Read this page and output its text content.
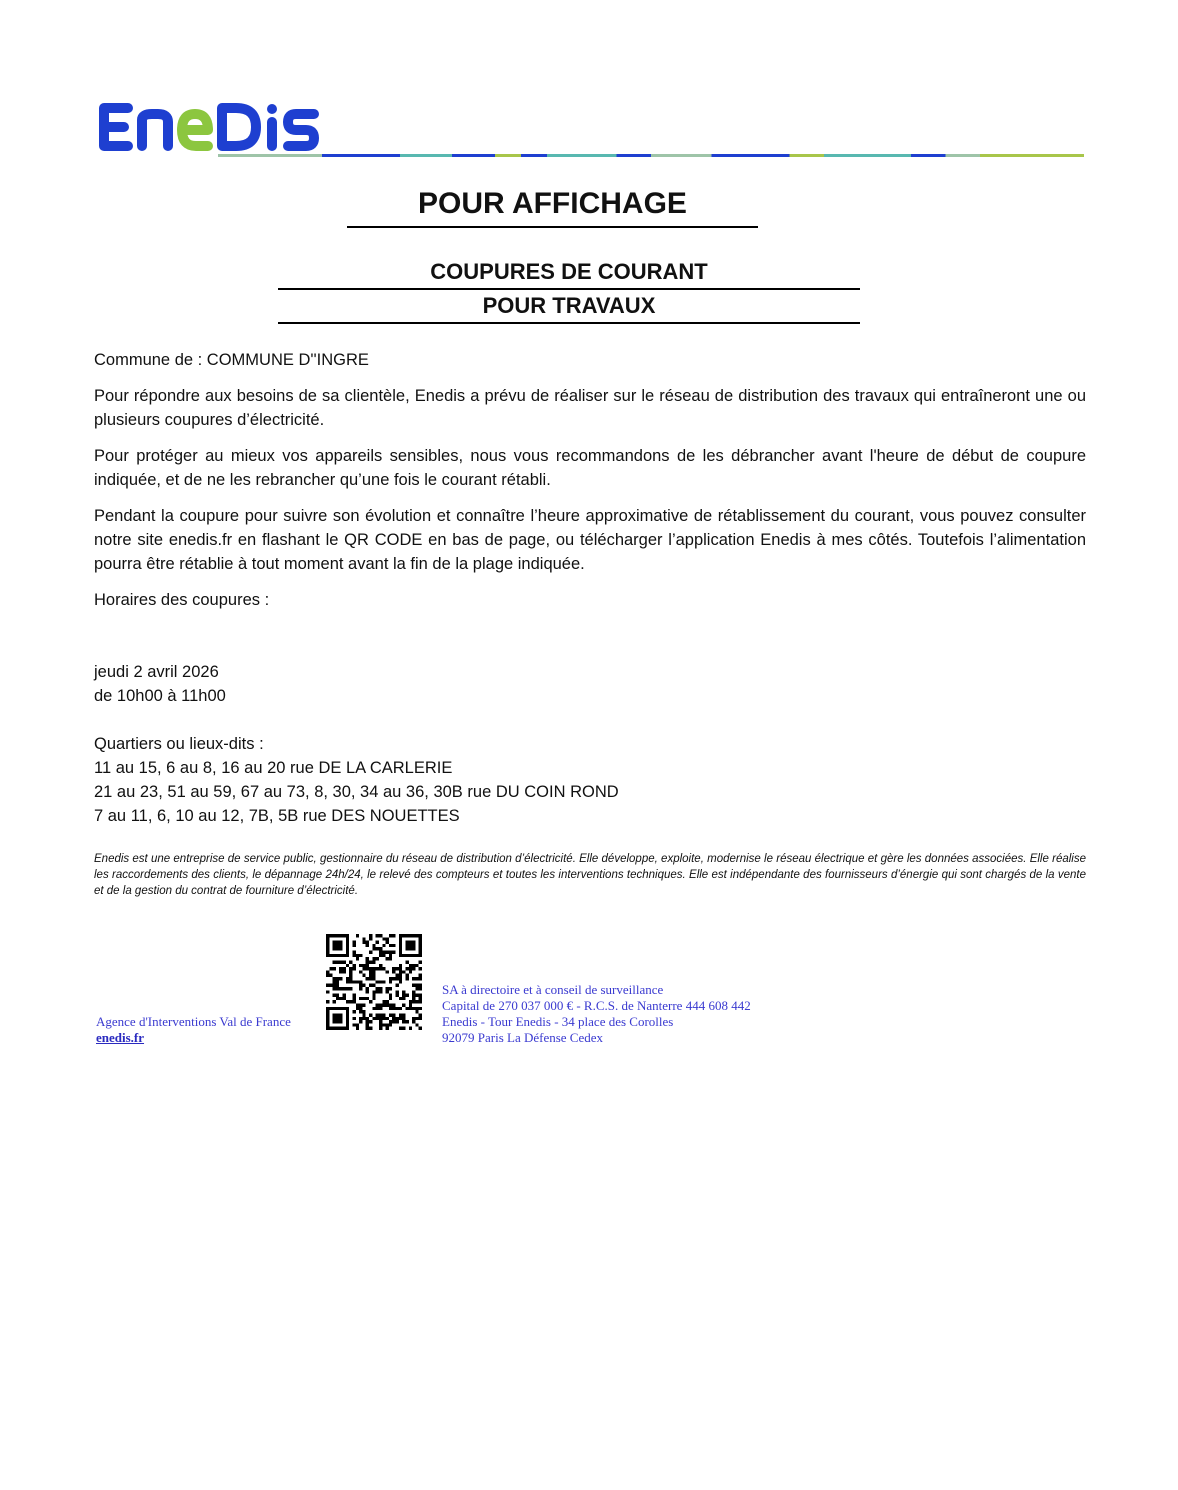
POUR AFFICHAGE
COUPURES DE COURANT
POUR TRAVAUX

Commune de : COMMUNE D''INGRE

Pour répondre aux besoins de sa clientèle, Enedis a prévu de réaliser sur le réseau de distribution des travaux qui entraîneront une ou plusieurs coupures d’électricité.

Pour protéger au mieux vos appareils sensibles, nous vous recommandons de les débrancher avant l'heure de début de coupure indiquée, et de ne les rebrancher qu’une fois le courant rétabli.

Pendant la coupure pour suivre son évolution et connaître l’heure approximative de rétablissement du courant, vous pouvez consulter notre site enedis.fr en flashant le QR CODE en bas de page, ou télécharger l’application Enedis à mes côtés. Toutefois l’alimentation pourra être rétablie à tout moment avant la fin de la plage indiquée.

Horaires des coupures :

jeudi 2 avril 2026
de 10h00 à 11h00
Quartiers ou lieux-dits :
11 au 15, 6 au 8, 16 au 20 rue DE LA CARLERIE
21 au 23, 51 au 59, 67 au 73, 8, 30, 34 au 36, 30B rue DU COIN ROND
7 au 11, 6, 10 au 12, 7B, 5B rue DES NOUETTES
Enedis est une entreprise de service public, gestionnaire du réseau de distribution d’électricité. Elle développe, exploite, modernise le réseau électrique et gère les données associées. Elle réalise les raccordements des clients, le dépannage 24h/24, le relevé des compteurs et toutes les interventions techniques. Elle est indépendante des fournisseurs d’énergie qui sont chargés de la vente et de la gestion du contrat de fourniture d’électricité.
Agence d'Interventions Val de France
enedis.fr
SA à directoire et à conseil de surveillance
Capital de 270 037 000 € - R.C.S. de Nanterre 444 608 442
Enedis - Tour Enedis - 34 place des Corolles
92079 Paris La Défense Cedex
